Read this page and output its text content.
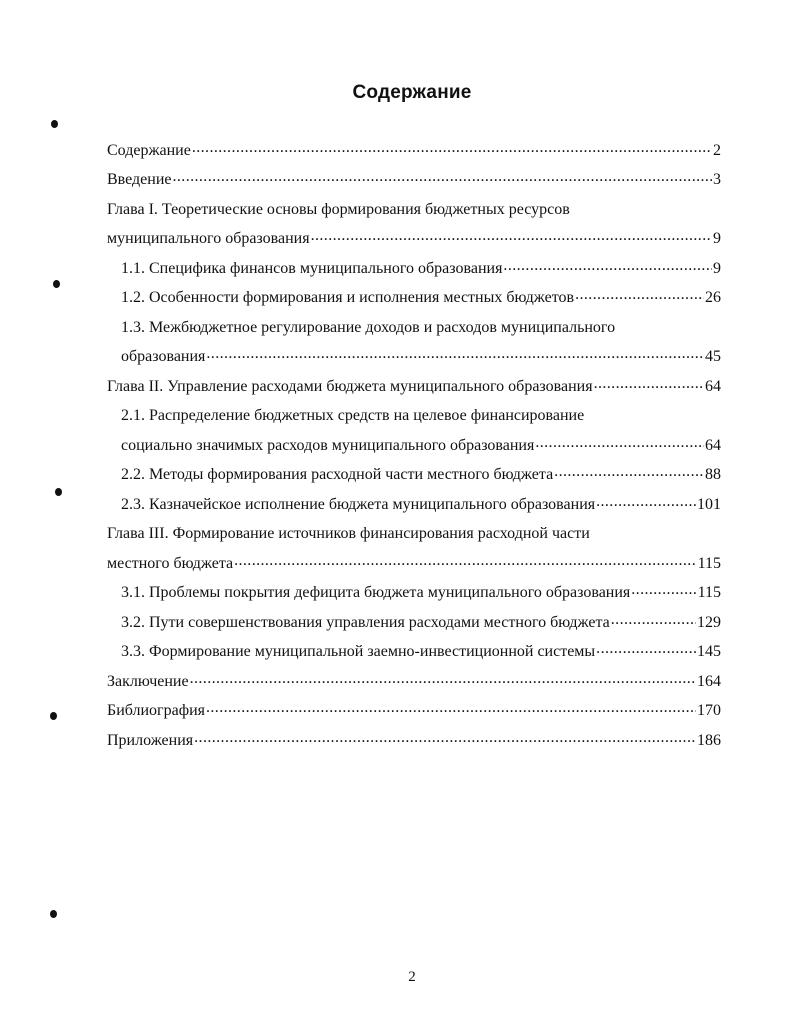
Содержание
Содержание .....	2
Введение .....	3
Глава I. Теоретические основы формирования бюджетных ресурсов
муниципального образования .....	9
1.1. Специфика финансов муниципального образования .....	9
1.2. Особенности формирования и исполнения местных бюджетов .....	26
1.3. Межбюджетное регулирование доходов и расходов муниципального
образования .....	45
Глава II. Управление расходами бюджета муниципального образования .....	64
2.1. Распределение бюджетных средств на целевое финансирование
социально значимых расходов муниципального образования .....	64
2.2. Методы формирования расходной части местного бюджета .....	88
2.3. Казначейское исполнение бюджета муниципального образования .....	101
Глава III. Формирование источников финансирования расходной части
местного бюджета .....	115
3.1. Проблемы покрытия дефицита бюджета муниципального образования .....	115
3.2. Пути совершенствования управления расходами местного бюджета .....	129
3.3. Формирование муниципальной заемно-инвестиционной системы .....	145
Заключение .....	164
Библиография .....	170
Приложения .....	186
2
